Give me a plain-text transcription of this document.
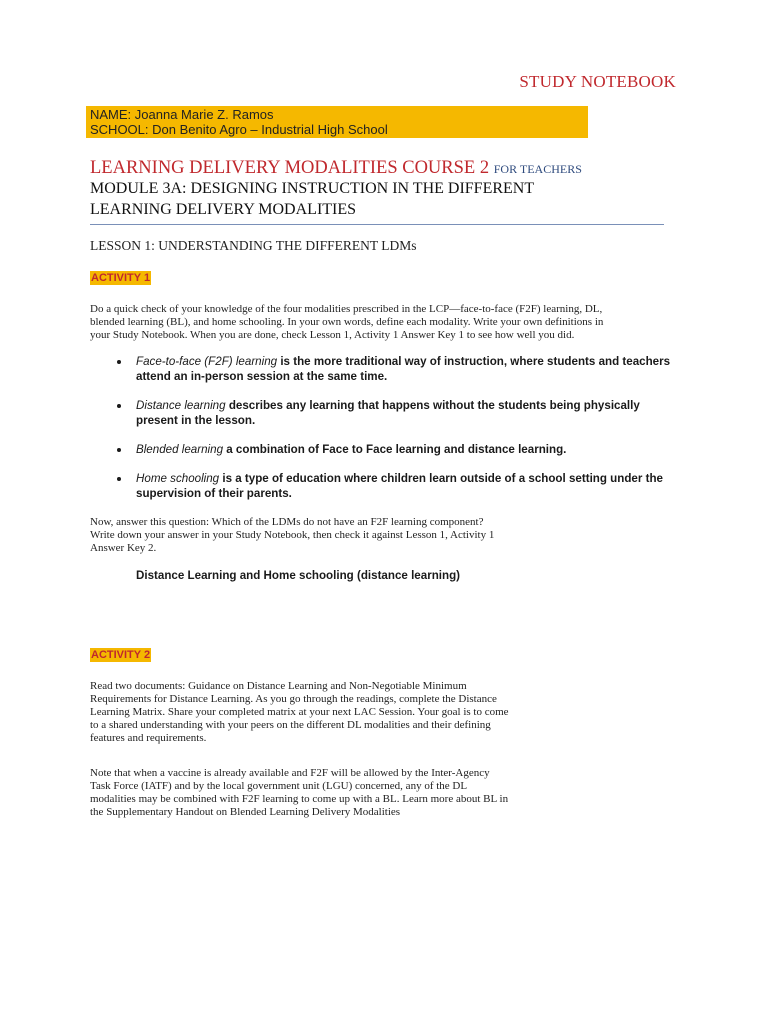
STUDY NOTEBOOK
NAME: Joanna Marie Z. Ramos
SCHOOL: Don Benito Agro – Industrial High School
LEARNING DELIVERY MODALITIES COURSE 2 FOR TEACHERS
MODULE 3A: DESIGNING INSTRUCTION IN THE DIFFERENT
LEARNING DELIVERY MODALITIES
LESSON 1: UNDERSTANDING THE DIFFERENT LDMs
ACTIVITY 1
Do a quick check of your knowledge of the four modalities prescribed in the LCP—face-to-face (F2F) learning, DL,
blended learning (BL), and home schooling. In your own words, define each modality. Write your own definitions in
your Study Notebook. When you are done, check Lesson 1, Activity 1 Answer Key 1 to see how well you did.
Face-to-face (F2F) learning is the more traditional way of instruction, where students and teachers attend an in-person session at the same time.
Distance learning describes any learning that happens without the students being physically present in the lesson.
Blended learning a combination of Face to Face learning and distance learning.
Home schooling is a type of education where children learn outside of a school setting under the supervision of their parents.
Now, answer this question: Which of the LDMs do not have an F2F learning component?
Write down your answer in your Study Notebook, then check it against Lesson 1, Activity 1
Answer Key 2.
Distance Learning and Home schooling (distance learning)
ACTIVITY 2
Read two documents: Guidance on Distance Learning and Non-Negotiable Minimum
Requirements for Distance Learning. As you go through the readings, complete the Distance
Learning Matrix. Share your completed matrix at your next LAC Session. Your goal is to come
to a shared understanding with your peers on the different DL modalities and their defining
features and requirements.
Note that when a vaccine is already available and F2F will be allowed by the Inter-Agency
Task Force (IATF) and by the local government unit (LGU) concerned, any of the DL
modalities may be combined with F2F learning to come up with a BL. Learn more about BL in
the Supplementary Handout on Blended Learning Delivery Modalities
